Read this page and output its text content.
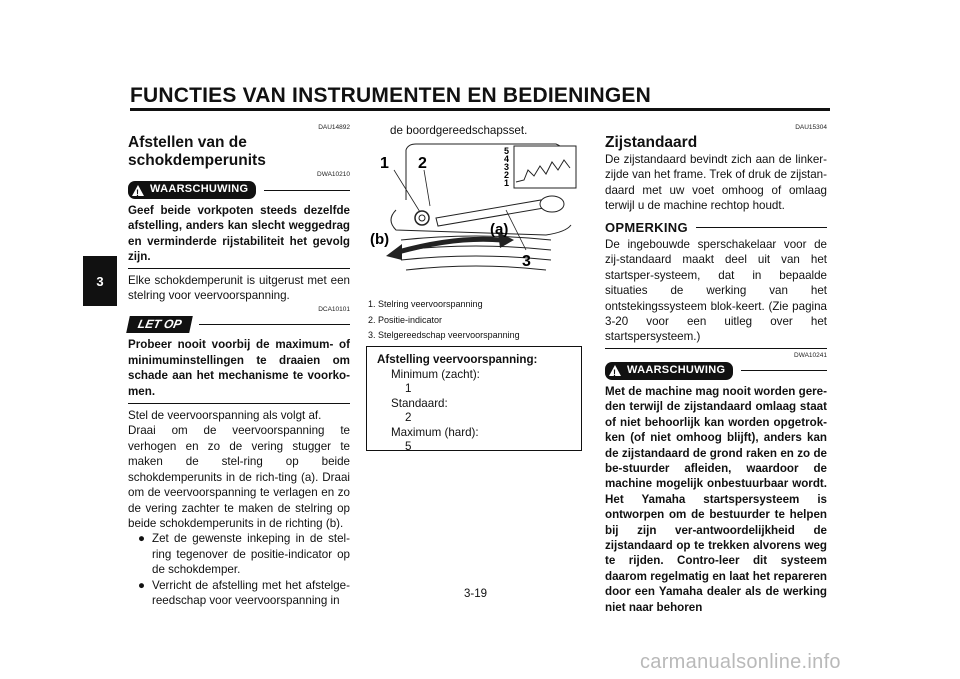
FUNCTIES VAN INSTRUMENTEN EN BEDIENINGEN
3
DAU14892
Afstellen van de
schokdemperunits
DWA10210
! WAARSCHUWING

Geef beide vorkpoten steeds dezelfde afstelling, anders kan slecht weggedrag en verminderde rijstabiliteit het gevolg zijn.

Elke schokdemperunit is uitgerust met een stelring voor veervoorspanning.

DCA10101
LET OP

Probeer nooit voorbij de maximum- of minimuminstellingen te draaien om schade aan het mechanisme te voorko-men.

Stel de veervoorspanning als volgt af.

Draai om de veervoorspanning te verhogen en zo de vering stugger te maken de stel-ring op beide schokdemperunits in de rich-ting (a). Draai om de veervoorspanning te verlagen en zo de vering zachter te maken de stelring op beide schokdemperunits in de richting (b).

● Zet de gewenste inkeping in de stel-ring tegenover de positie-indicator op de schokdemper.
● Verricht de afstelling met het afstelge-reedschap voor veervoorspanning in
de boordgereedschapsset.
5
4
3
2
1
1 2
3
(a)
(b)
1. Stelring veervoorspanning
2. Positie-indicator
3. Stelgereedschap veervoorspanning
Afstelling veervoorspanning:
Minimum (zacht):
1
Standaard:
2
Maximum (hard):
5
3-19
DAU15304
Zijstandaard

De zijstandaard bevindt zich aan de linker-zijde van het frame. Trek of druk de zijstan-daard met uw voet omhoog of omlaag terwijl u de machine rechtop houdt.

OPMERKING

De ingebouwde sperschakelaar voor de zij-standaard maakt deel uit van het startsper-systeem, dat in bepaalde situaties de werking van het ontstekingssysteem blok-keert. (Zie pagina 3-20 voor een uitleg over het startspersysteem.)

DWA10241
! WAARSCHUWING

Met de machine mag nooit worden gere-den terwijl de zijstandaard omlaag staat of niet behoorlijk kan worden opgetrok-ken (of niet omhoog blijft), anders kan de zijstandaard de grond raken en zo de be-stuurder afleiden, waardoor de machine mogelijk onbestuurbaar wordt. Het Yamaha startspersysteem is ontworpen om de bestuurder te helpen bij zijn ver-antwoordelijkheid de zijstandaard op te trekken alvorens weg te rijden. Contro-leer dit systeem daarom regelmatig en laat het repareren door een Yamaha dealer als de werking niet naar behoren

carmanualsonline.info
